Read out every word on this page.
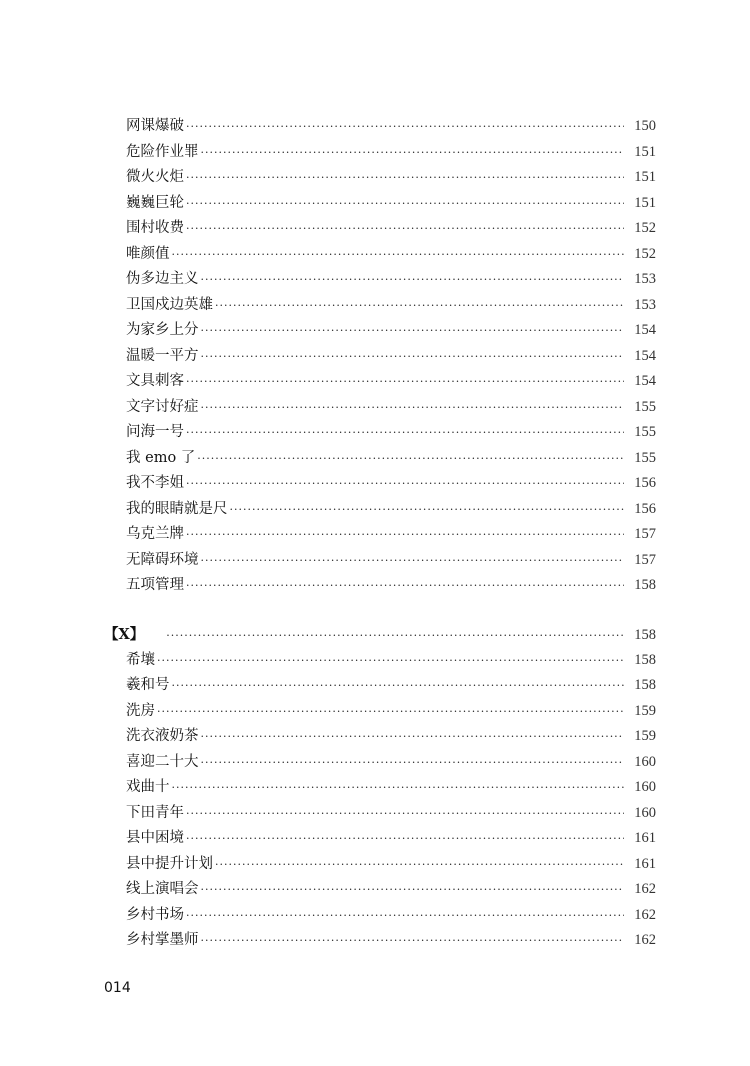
网课爆破 ·····	150
危险作业罪 ·····	151
微火火炬 ·····	151
巍巍巨轮 ·····	151
围村收费 ·····	152
唯颜值 ·····	152
伪多边主义 ·····	153
卫国戍边英雄 ·····	153
为家乡上分 ·····	154
温暖一平方 ·····	154
文具刺客 ·····	154
文字讨好症 ·····	155
问海一号 ·····	155
我 emo 了 ·····	155
我不李姐 ·····	156
我的眼睛就是尺 ·····	156
乌克兰牌 ·····	157
无障碍环境 ·····	157
五项管理 ·····	158
【X】 ·····	158
希壤 ·····	158
羲和号 ·····	158
洗房 ·····	159
洗衣液奶茶 ·····	159
喜迎二十大 ·····	160
戏曲十 ·····	160
下田青年 ·····	160
县中困境 ·····	161
县中提升计划 ·····	161
线上演唱会 ·····	162
乡村书场 ·····	162
乡村掌墨师 ·····	162
014
